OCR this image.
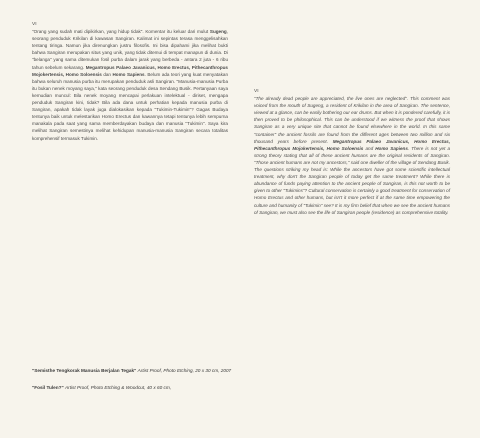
VI

"Orang yang sudah mati dipikirkan, yang hidup tidak". Komentar itu keluar dari mulut Sugeng, seorang penduduk Krikilan di kawasan Sangiran. Kalimat ini sepintas terasa menggelisahkan tentang tiringa. Namun jika direnungkan justru filosofis. Ini bisa dipahami jika melihat bukti bahwa Sangiran merupakan situs yang unik, yang tidak ditemui di tempat manapun di dunia. Di "belanga" yang sama ditemukan fosil purba dalam jarak yang berbeda - antara 2 juta - 6 ribu tahun sebelum sekarang. Megantropus Palaeo Javanicus, Homo Erectus, Pithecanthropus Mojokertensis, Homo Soloensis dan Homo Sapiens. Belum ada teori yang kuat menyatakan bahwa seluruh manusia purba itu merupakan penduduk asli Sangiran. "Manusia-manusia Purba itu bukan nenek moyang saya," kata seorang penduduk desa Sendang Busik. Pertanyaan saya kemudian muncul: Bila nenek moyang mencapai perlakuan intelektual - diriset, mengapa penduduk Sangiran kini, tidak? Bila ada dana untuk perhatian kepada manusia purba di Sangiran, apakah tidak layak juga dialokasikan kepada "Tukimin-Tukimin"? Gagas Budaya tentunya baik untuk melestarikan Homo Erectus dan kawannya tetapi tentunya lebih sempurna manakala pada saat yang sama memberdayakan budaya dan manusia "Tukimin". Saya kira melihat Sangiran semestinya melihat kehidupan manusia-manusia Sangiran secara totalitas komprehensif termasuk Tukimin.

VI

"The already dead people are appreciated, the live ones are neglected". This comment was voiced from the mouth of Sugeng, a resident of Krikilan in the area of Sangiran. The sentence, viewed at a glance, can be easily bothering our ear drums. But when it is pondered carefully, it is then proved to be philosophical. This can be understood if we witness the proof that shows Sangiran as a very unique site that cannot be found elsewhere in the world. In this same "container" the ancient fossils are found from the different ages between two million and six thousand years before present. Megantropus Palaeo Javanicus, Homo Erectus, Pithecanthropus Mojokertensis, Homo Soloensis and Homo Sapiens. There is not yet a strong theory stating that all of these ancient humans are the original residents of Sangiran. "Those ancient humans are not my ancestors," said one dweller of the village of Sendang Busik. The questions striking my head is: While the ancestors have got some scientific intellectual treatment, why don't the Sangiran people of today get the same treatment? While there is abundance of funds paying attention to the ancient people of Sangiran, is this not worth to be given to other "Tukimins"? Cultural conservation is certainly a good treatment for conservation of Homo Erectus and other humans, but isn't it more perfect if at the same time empowering the culture and humanity of "Tukimin" see? It is my firm belief that when we see the ancient humans of Sangiran, we must also see the life of Sangiran people (residence) as comprehensive totality.

"Semisthe Tengkorak Manusia Berjalan Tegak" Artist Proof, Photo Etching, 20 x 30 cm, 2007

"Fosil Tulen?" Artist Proof, Photo Etching & Woodcut, 40 x 60 cm,
